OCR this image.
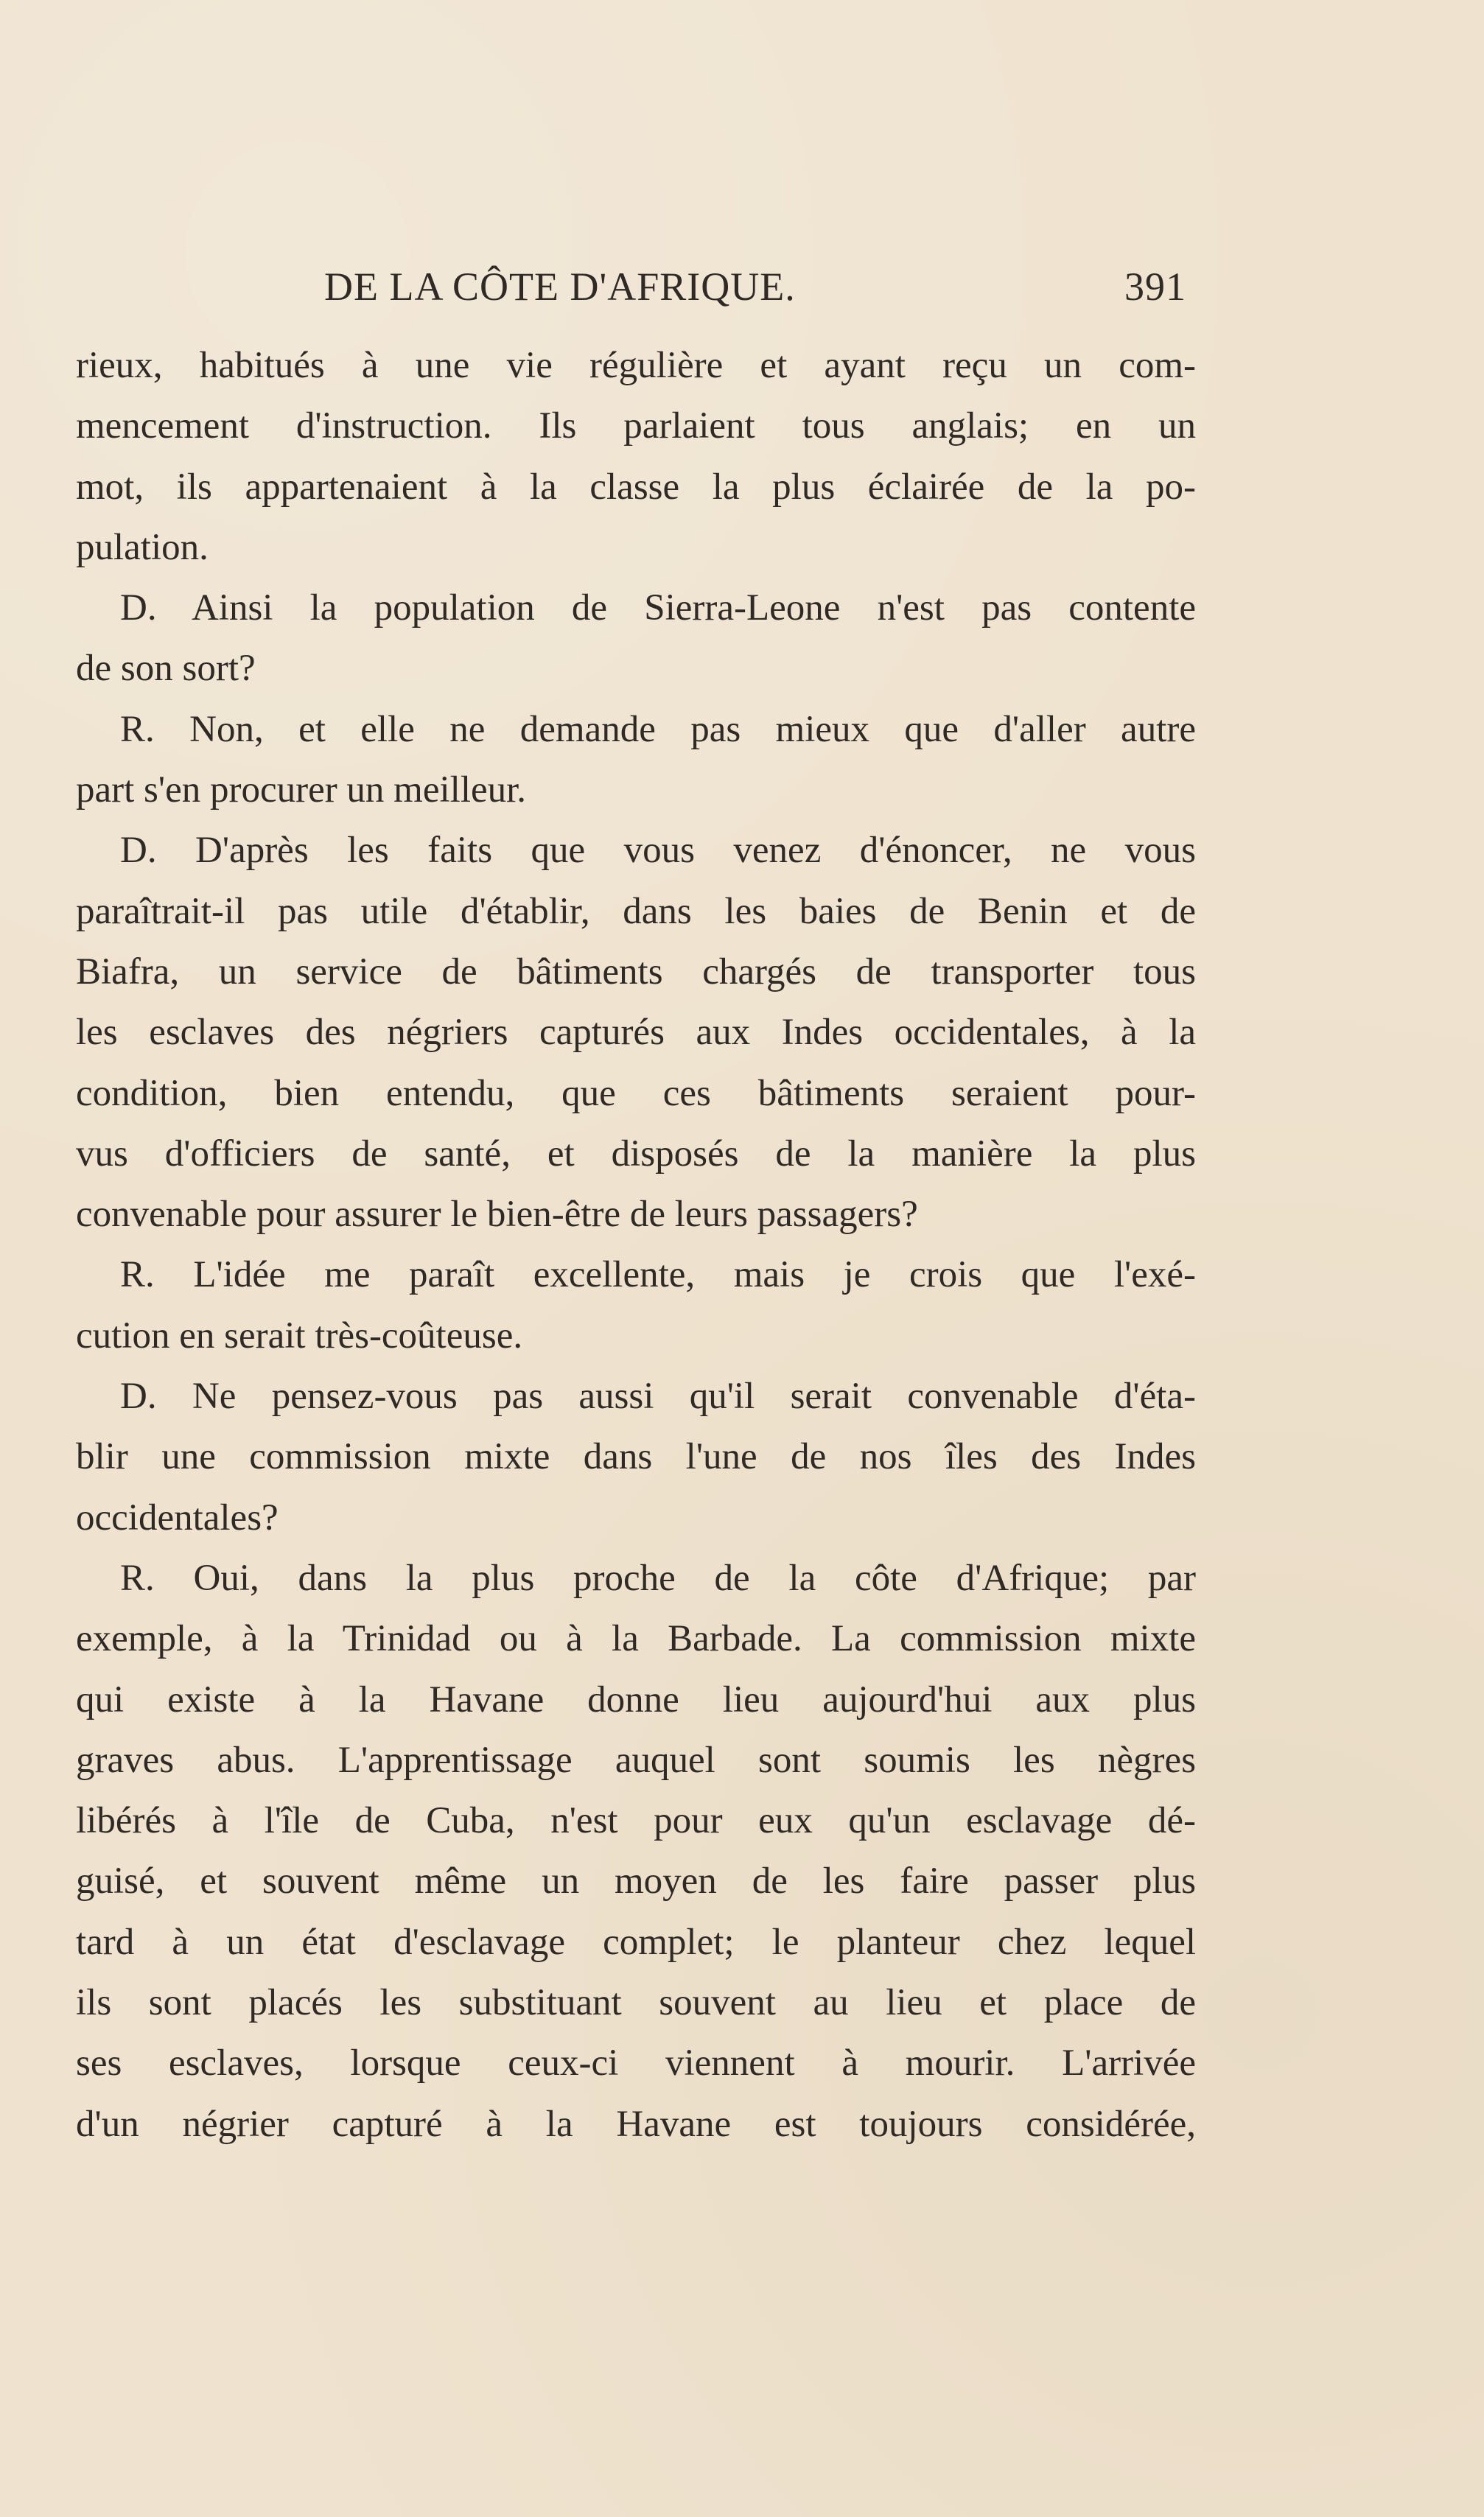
DE LA CÔTE D'AFRIQUE.	391
rieux, habitués à une vie régulière et ayant reçu un com-
mencement d'instruction. Ils parlaient tous anglais; en un
mot, ils appartenaient à la classe la plus éclairée de la po-
pulation.
D. Ainsi la population de Sierra-Leone n'est pas contente
de son sort?
R. Non, et elle ne demande pas mieux que d'aller autre
part s'en procurer un meilleur.
D. D'après les faits que vous venez d'énoncer, ne vous
paraîtrait-il pas utile d'établir, dans les baies de Benin et de
Biafra, un service de bâtiments chargés de transporter tous
les esclaves des négriers capturés aux Indes occidentales, à la
condition, bien entendu, que ces bâtiments seraient pour-
vus d'officiers de santé, et disposés de la manière la plus
convenable pour assurer le bien-être de leurs passagers?
R. L'idée me paraît excellente, mais je crois que l'exé-
cution en serait très-coûteuse.
D. Ne pensez-vous pas aussi qu'il serait convenable d'éta-
blir une commission mixte dans l'une de nos îles des Indes
occidentales?
R. Oui, dans la plus proche de la côte d'Afrique; par
exemple, à la Trinidad ou à la Barbade. La commission mixte
qui existe à la Havane donne lieu aujourd'hui aux plus
graves abus. L'apprentissage auquel sont soumis les nègres
libérés à l'île de Cuba, n'est pour eux qu'un esclavage dé-
guisé, et souvent même un moyen de les faire passer plus
tard à un état d'esclavage complet; le planteur chez lequel
ils sont placés les substituant souvent au lieu et place de
ses esclaves, lorsque ceux-ci viennent à mourir. L'arrivée
d'un négrier capturé à la Havane est toujours considérée,
